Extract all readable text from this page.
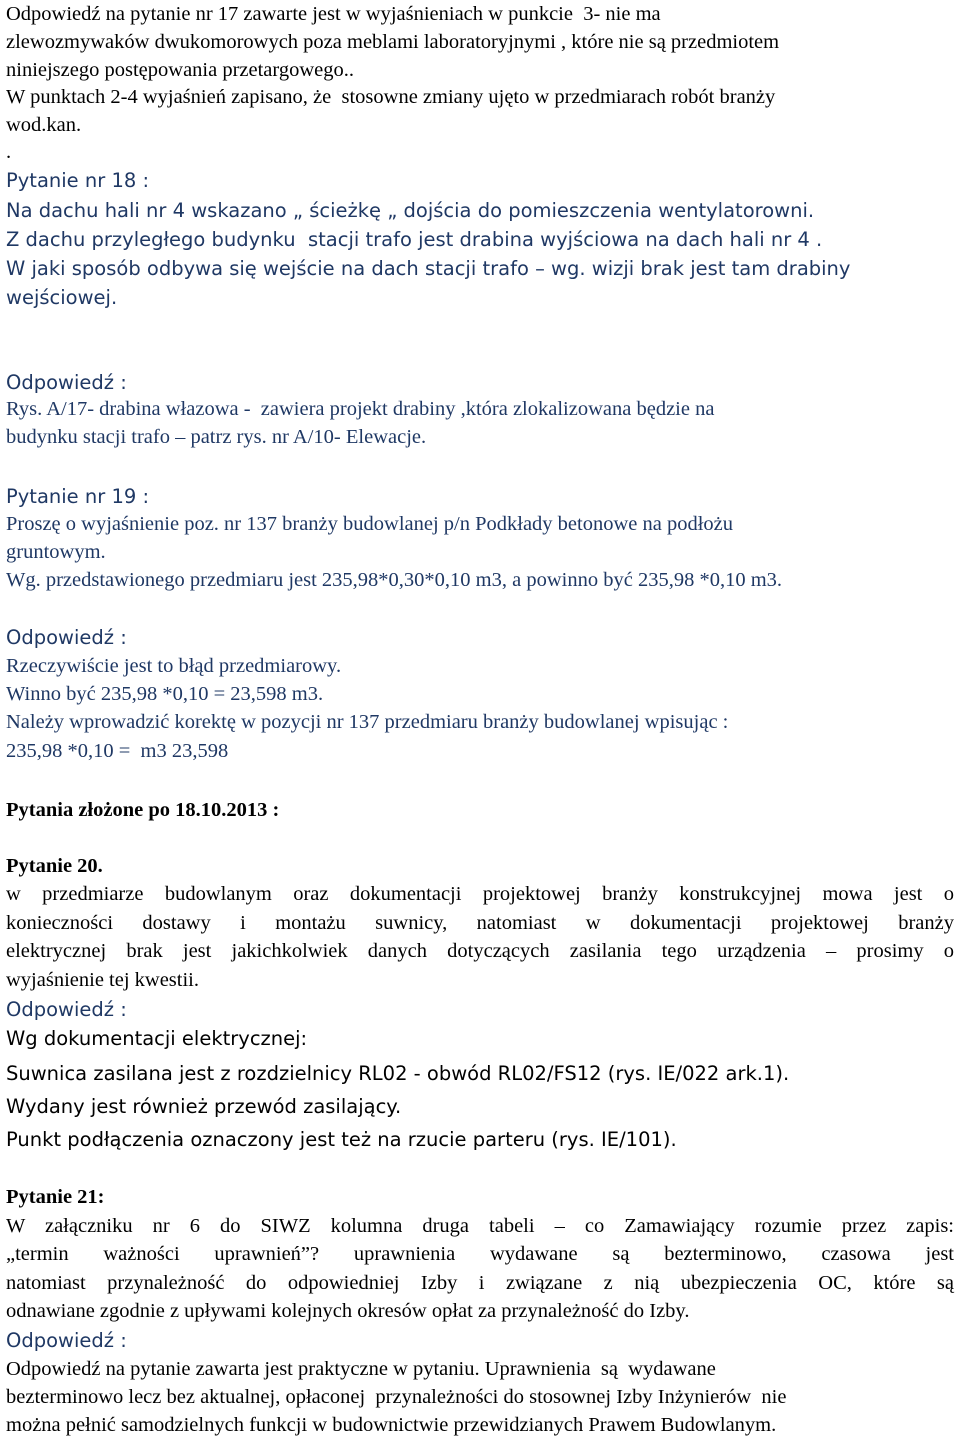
Odpowiedź na pytanie nr 17 zawarte jest w wyjaśnieniach w punkcie  3- nie ma
zlewozmywaków dwukomorowych poza meblami laboratoryjnymi , które nie są przedmiotem
niniejszego postępowania przetargowego..
W punktach 2-4 wyjaśnień zapisano, że  stosowne zmiany ujęto w przedmiarach robót branży
wod.kan.
.
Pytanie nr 18 :
Na dachu hali nr 4 wskazano „ ścieżkę „ dojścia do pomieszczenia wentylatorowni.
Z dachu przyległego budynku  stacji trafo jest drabina wyjściowa na dach hali nr 4 .
W jaki sposób odbywa się wejście na dach stacji trafo – wg. wizji brak jest tam drabiny
wejściowej.
Odpowiedź :
Rys. A/17- drabina włazowa -  zawiera projekt drabiny ,która zlokalizowana będzie na
budynku stacji trafo – patrz rys. nr A/10- Elewacje.
Pytanie nr 19 :
Proszę o wyjaśnienie poz. nr 137 branży budowlanej p/n Podkłady betonowe na podłożu
gruntowym.
Wg. przedstawionego przedmiaru jest 235,98*0,30*0,10 m3, a powinno być 235,98 *0,10 m3.
Odpowiedź :
Rzeczywiście jest to błąd przedmiarowy.
Winno być 235,98 *0,10 = 23,598 m3.
Należy wprowadzić korektę w pozycji nr 137 przedmiaru branży budowlanej wpisując :
235,98 *0,10 =  m3 23,598
Pytania złożone po 18.10.2013 :
Pytanie 20.
w przedmiarze budowlanym oraz dokumentacji projektowej branży konstrukcyjnej mowa jest o
konieczności dostawy i montażu suwnicy, natomiast w dokumentacji projektowej branży
elektrycznej brak jest jakichkolwiek danych dotyczących zasilania tego urządzenia – prosimy o
wyjaśnienie tej kwestii.
Odpowiedź :
Wg dokumentacji elektrycznej:
Suwnica zasilana jest z rozdzielnicy RL02 - obwód RL02/FS12 (rys. IE/022 ark.1).
Wydany jest również przewód zasilający.
Punkt podłączenia oznaczony jest też na rzucie parteru (rys. IE/101).
Pytanie 21:
W załączniku nr 6 do SIWZ kolumna druga tabeli – co Zamawiający rozumie przez zapis:
„termin ważności uprawnień”? uprawnienia wydawane są bezterminowo, czasowa jest
natomiast przynależność do odpowiedniej Izby i związane z nią ubezpieczenia OC, które są
odnawiane zgodnie z upływami kolejnych okresów opłat za przynależność do Izby.
Odpowiedź :
Odpowiedź na pytanie zawarta jest praktyczne w pytaniu. Uprawnienia  są  wydawane
bezterminowo lecz bez aktualnej, opłaconej  przynależności do stosownej Izby Inżynierów  nie
można pełnić samodzielnych funkcji w budownictwie przewidzianych Prawem Budowlanym.
